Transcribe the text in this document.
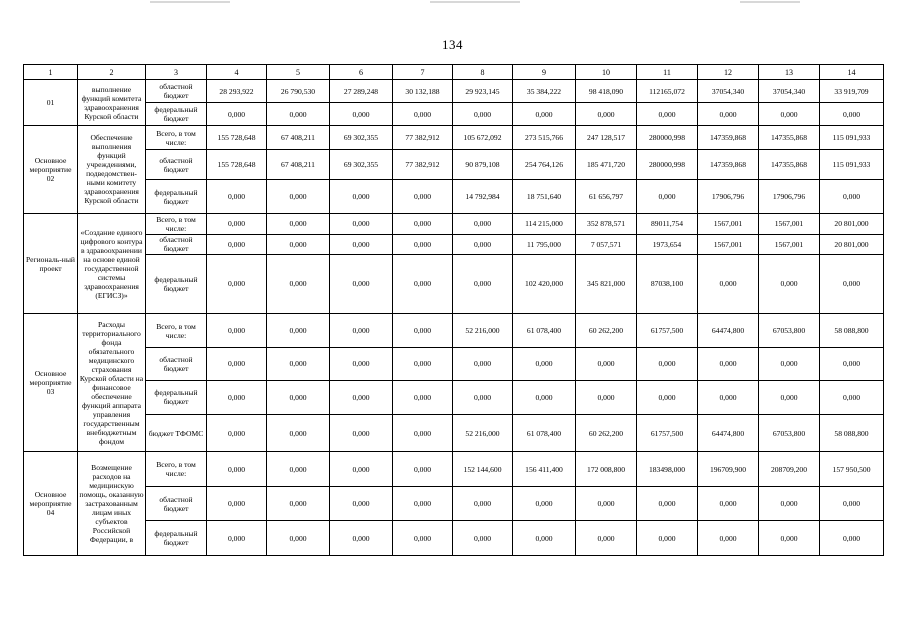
134
1	2	3	4	5	6	7	8	9	10	11	12	13	14
01	выполнение функций комитета здравоохранения Курской области	областной бюджет	28 293,922	26 790,530	27 289,248	30 132,188	29 923,145	35 384,222	98 418,090	112165,072	37054,340	37054,340	33 919,709
		федеральный бюджет	0,000	0,000	0,000	0,000	0,000	0,000	0,000	0,000	0,000	0,000	0,000
Основное мероприятие 02	Обеспечение выполнения функций учреждениями, подведомствен-ными комитету здравоохранения Курской области	Всего, в том числе:	155 728,648	67 408,211	69 302,355	77 382,912	105 672,092	273 515,766	247 128,517	280000,998	147359,868	147355,868	115 091,933
		областной бюджет	155 728,648	67 408,211	69 302,355	77 382,912	90 879,108	254 764,126	185 471,720	280000,998	147359,868	147355,868	115 091,933
		федеральный бюджет	0,000	0,000	0,000	0,000	14 792,984	18 751,640	61 656,797	0,000	17906,796	17906,796	0,000
Региональ-ный проект	«Создание единого цифрового контура в здравоохранении на основе единой государственной системы здравоохранения (ЕГИСЗ)»	Всего, в том числе:	0,000	0,000	0,000	0,000	0,000	114 215,000	352 878,571	89011,754	1567,001	1567,001	20 801,000
		областной бюджет	0,000	0,000	0,000	0,000	0,000	11 795,000	7 057,571	1973,654	1567,001	1567,001	20 801,000
		федеральный бюджет	0,000	0,000	0,000	0,000	0,000	102 420,000	345 821,000	87038,100	0,000	0,000	0,000
Основное мероприятие 03	Расходы территориального фонда обязательного медицинского страхования Курской области на финансовое обеспечение функций аппарата управления государственным внебюджетным фондом	Всего, в том числе:	0,000	0,000	0,000	0,000	52 216,000	61 078,400	60 262,200	61757,500	64474,800	67053,800	58 088,800
		областной бюджет	0,000	0,000	0,000	0,000	0,000	0,000	0,000	0,000	0,000	0,000	0,000
		федеральный бюджет	0,000	0,000	0,000	0,000	0,000	0,000	0,000	0,000	0,000	0,000	0,000
		бюджет ТФОМС	0,000	0,000	0,000	0,000	52 216,000	61 078,400	60 262,200	61757,500	64474,800	67053,800	58 088,800
Основное мероприятие 04	Возмещение расходов на медицинскую помощь, оказанную застрахованным лицам иных субъектов Российской Федерации, в	Всего, в том числе:	0,000	0,000	0,000	0,000	152 144,600	156 411,400	172 008,800	183498,000	196709,900	208709,200	157 950,500
		областной бюджет	0,000	0,000	0,000	0,000	0,000	0,000	0,000	0,000	0,000	0,000	0,000
		федеральный бюджет	0,000	0,000	0,000	0,000	0,000	0,000	0,000	0,000	0,000	0,000	0,000
